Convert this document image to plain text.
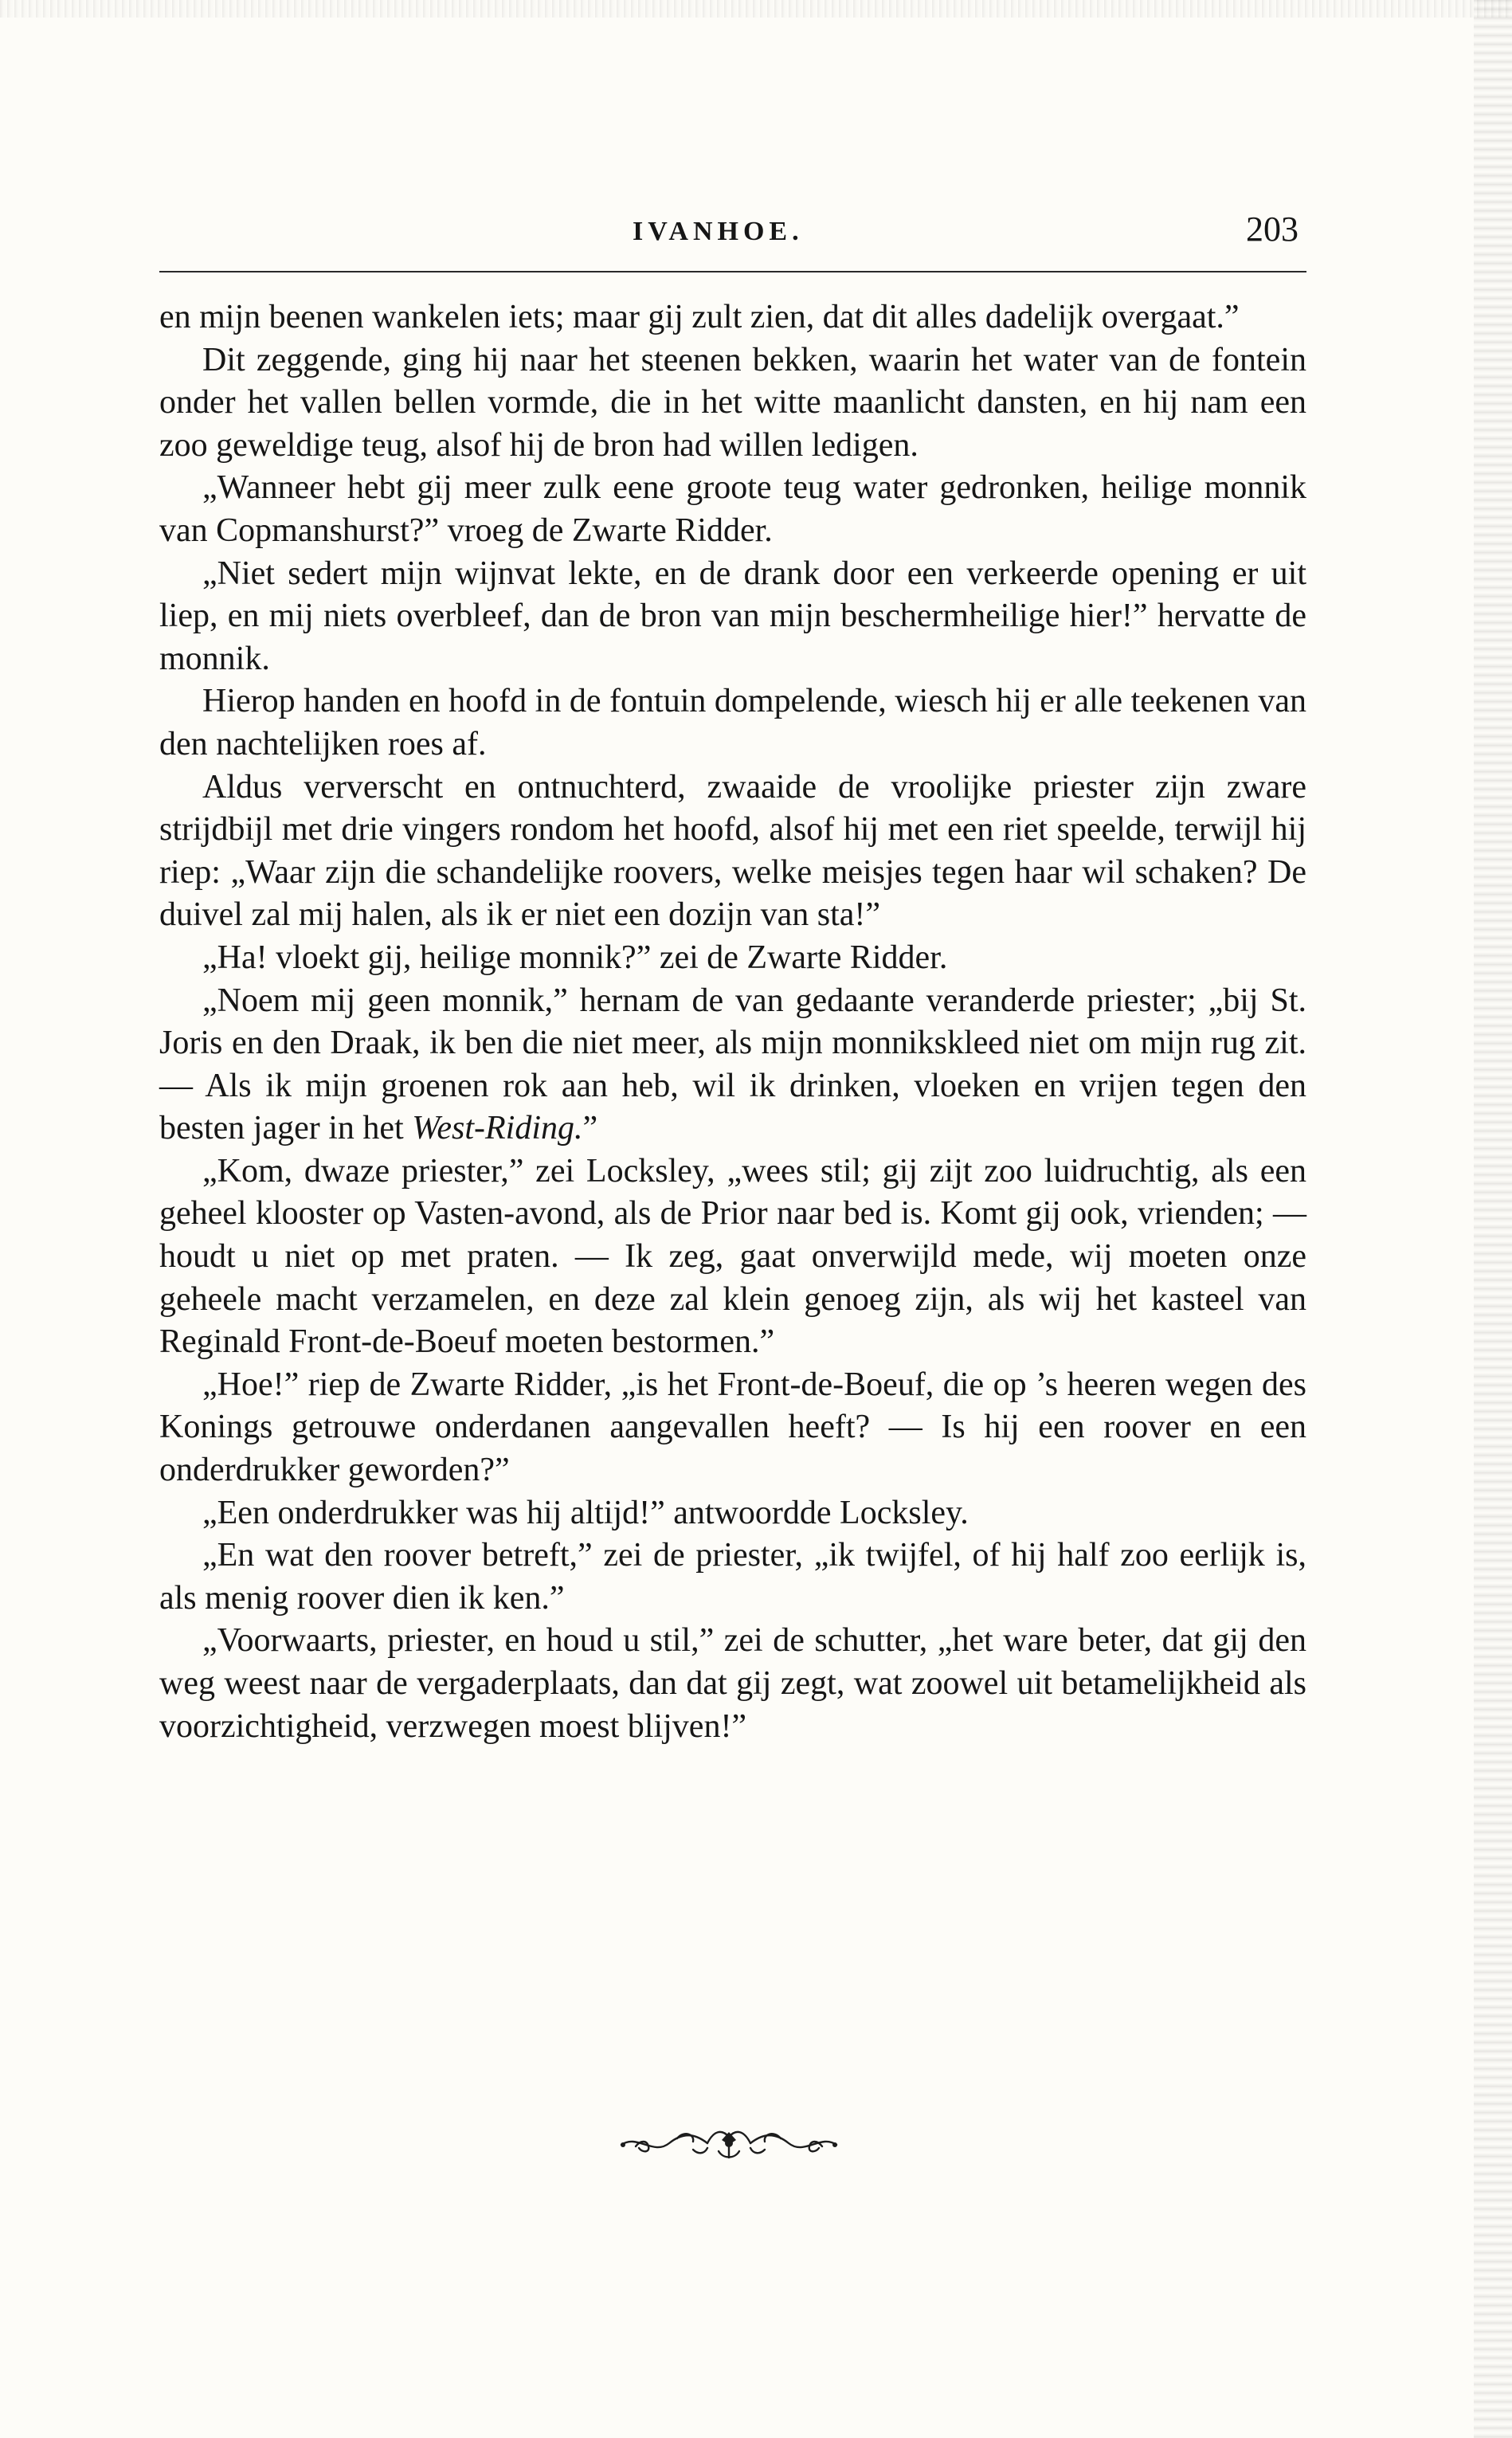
IVANHOE.	203

en mijn beenen wankelen iets; maar gij zult zien, dat dit alles dadelijk overgaat.”

Dit zeggende, ging hij naar het steenen bekken, waarin het water van de fontein onder het vallen bellen vormde, die in het witte maanlicht dansten, en hij nam een zoo geweldige teug, alsof hij de bron had willen ledigen.

„Wanneer hebt gij meer zulk eene groote teug water gedronken, heilige monnik van Copmanshurst?” vroeg de Zwarte Ridder.

„Niet sedert mijn wijnvat lekte, en de drank door een verkeerde opening er uit liep, en mij niets overbleef, dan de bron van mijn beschermheilige hier!” hervatte de monnik.

Hierop handen en hoofd in de fontuin dompelende, wiesch hij er alle teekenen van den nachtelijken roes af.

Aldus ververscht en ontnuchterd, zwaaide de vroolijke priester zijn zware strijdbijl met drie vingers rondom het hoofd, alsof hij met een riet speelde, terwijl hij riep: „Waar zijn die schandelijke roovers, welke meisjes tegen haar wil schaken? De duivel zal mij halen, als ik er niet een dozijn van sta!”

„Ha! vloekt gij, heilige monnik?” zei de Zwarte Ridder.

„Noem mij geen monnik,” hernam de van gedaante veranderde priester; „bij St. Joris en den Draak, ik ben die niet meer, als mijn monnikskleed niet om mijn rug zit. — Als ik mijn groenen rok aan heb, wil ik drinken, vloeken en vrijen tegen den besten jager in het West-Riding.”

„Kom, dwaze priester,” zei Locksley, „wees stil; gij zijt zoo luidruchtig, als een geheel klooster op Vasten-avond, als de Prior naar bed is. Komt gij ook, vrienden; — houdt u niet op met praten. — Ik zeg, gaat onverwijld mede, wij moeten onze geheele macht verzamelen, en deze zal klein genoeg zijn, als wij het kasteel van Reginald Front-de-Boeuf moeten bestormen.”

„Hoe!” riep de Zwarte Ridder, „is het Front-de-Boeuf, die op ’s heeren wegen des Konings getrouwe onderdanen aangevallen heeft? — Is hij een roover en een onderdrukker geworden?”

„Een onderdrukker was hij altijd!” antwoordde Locksley.

„En wat den roover betreft,” zei de priester, „ik twijfel, of hij half zoo eerlijk is, als menig roover dien ik ken.”

„Voorwaarts, priester, en houd u stil,” zei de schutter, „het ware beter, dat gij den weg weest naar de vergaderplaats, dan dat gij zegt, wat zoowel uit betamelijkheid als voorzichtigheid, verzwegen moest blijven!”
